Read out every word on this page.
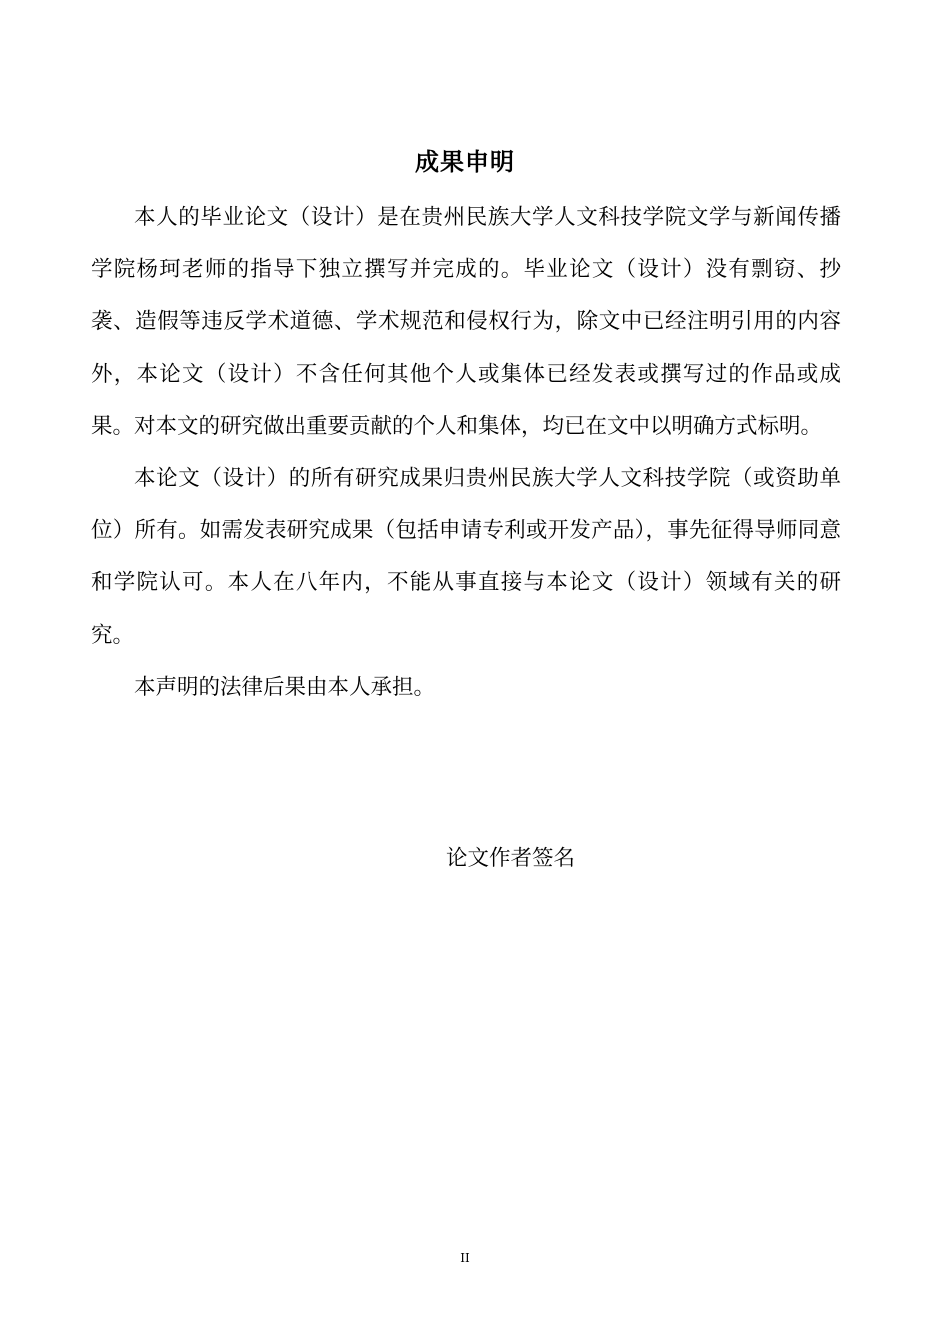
成果申明

本人的毕业论文（设计）是在贵州民族大学人文科技学院文学与新闻传播学院杨珂老师的指导下独立撰写并完成的。毕业论文（设计）没有剽窃、抄袭、造假等违反学术道德、学术规范和侵权行为，除文中已经注明引用的内容外，本论文（设计）不含任何其他个人或集体已经发表或撰写过的作品或成果。对本文的研究做出重要贡献的个人和集体，均已在文中以明确方式标明。

本论文（设计）的所有研究成果归贵州民族大学人文科技学院（或资助单位）所有。如需发表研究成果（包括申请专利或开发产品），事先征得导师同意和学院认可。本人在八年内，不能从事直接与本论文（设计）领域有关的研究。

本声明的法律后果由本人承担。

论文作者签名
II
